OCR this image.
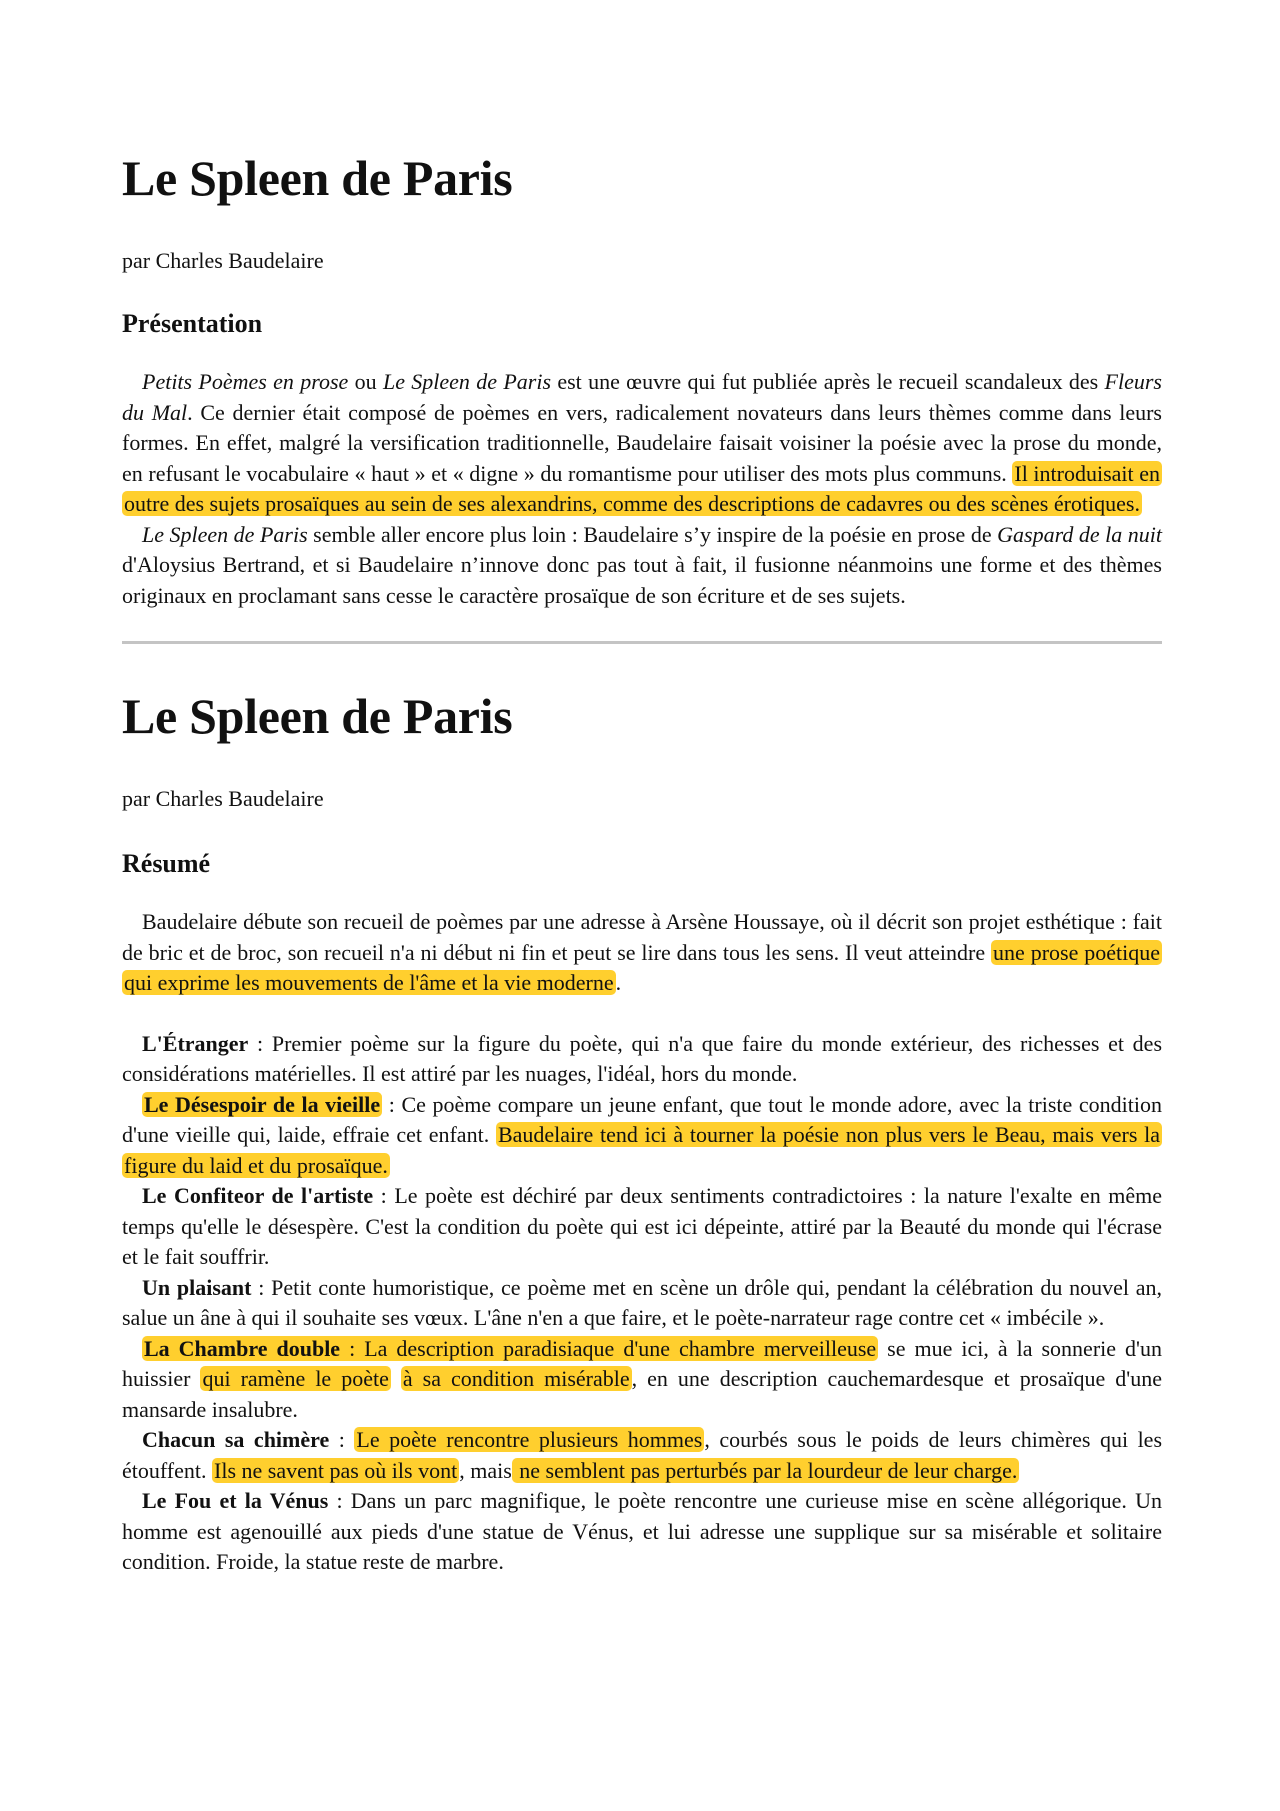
Le Spleen de Paris

par Charles Baudelaire

Présentation

Petits Poèmes en prose ou Le Spleen de Paris est une œuvre qui fut publiée après le recueil scandaleux des Fleurs du Mal. Ce dernier était composé de poèmes en vers, radicalement novateurs dans leurs thèmes comme dans leurs formes. En effet, malgré la versification traditionnelle, Baudelaire faisait voisiner la poésie avec la prose du monde, en refusant le vocabulaire « haut » et « digne » du romantisme pour utiliser des mots plus communs. Il introduisait en outre des sujets prosaïques au sein de ses alexandrins, comme des descriptions de cadavres ou des scènes érotiques.

Le Spleen de Paris semble aller encore plus loin : Baudelaire s’y inspire de la poésie en prose de Gaspard de la nuit d'Aloysius Bertrand, et si Baudelaire n’innove donc pas tout à fait, il fusionne néanmoins une forme et des thèmes originaux en proclamant sans cesse le caractère prosaïque de son écriture et de ses sujets.

Le Spleen de Paris

par Charles Baudelaire

Résumé

Baudelaire débute son recueil de poèmes par une adresse à Arsène Houssaye, où il décrit son projet esthétique : fait de bric et de broc, son recueil n'a ni début ni fin et peut se lire dans tous les sens. Il veut atteindre une prose poétique qui exprime les mouvements de l'âme et la vie moderne.

L'Étranger : Premier poème sur la figure du poète, qui n'a que faire du monde extérieur, des richesses et des considérations matérielles. Il est attiré par les nuages, l'idéal, hors du monde.

Le Désespoir de la vieille : Ce poème compare un jeune enfant, que tout le monde adore, avec la triste condition d'une vieille qui, laide, effraie cet enfant. Baudelaire tend ici à tourner la poésie non plus vers le Beau, mais vers la figure du laid et du prosaïque.

Le Confiteor de l'artiste : Le poète est déchiré par deux sentiments contradictoires : la nature l'exalte en même temps qu'elle le désespère. C'est la condition du poète qui est ici dépeinte, attiré par la Beauté du monde qui l'écrase et le fait souffrir.

Un plaisant : Petit conte humoristique, ce poème met en scène un drôle qui, pendant la célébration du nouvel an, salue un âne à qui il souhaite ses vœux. L'âne n'en a que faire, et le poète-narrateur rage contre cet « imbécile ».

La Chambre double : La description paradisiaque d'une chambre merveilleuse se mue ici, à la sonnerie d'un huissier qui ramène le poète à sa condition misérable, en une description cauchemardesque et prosaïque d'une mansarde insalubre.

Chacun sa chimère : Le poète rencontre plusieurs hommes, courbés sous le poids de leurs chimères qui les étouffent. Ils ne savent pas où ils vont, mais ne semblent pas perturbés par la lourdeur de leur charge.

Le Fou et la Vénus : Dans un parc magnifique, le poète rencontre une curieuse mise en scène allégorique. Un homme est agenouillé aux pieds d'une statue de Vénus, et lui adresse une supplique sur sa misérable et solitaire condition. Froide, la statue reste de marbre.
